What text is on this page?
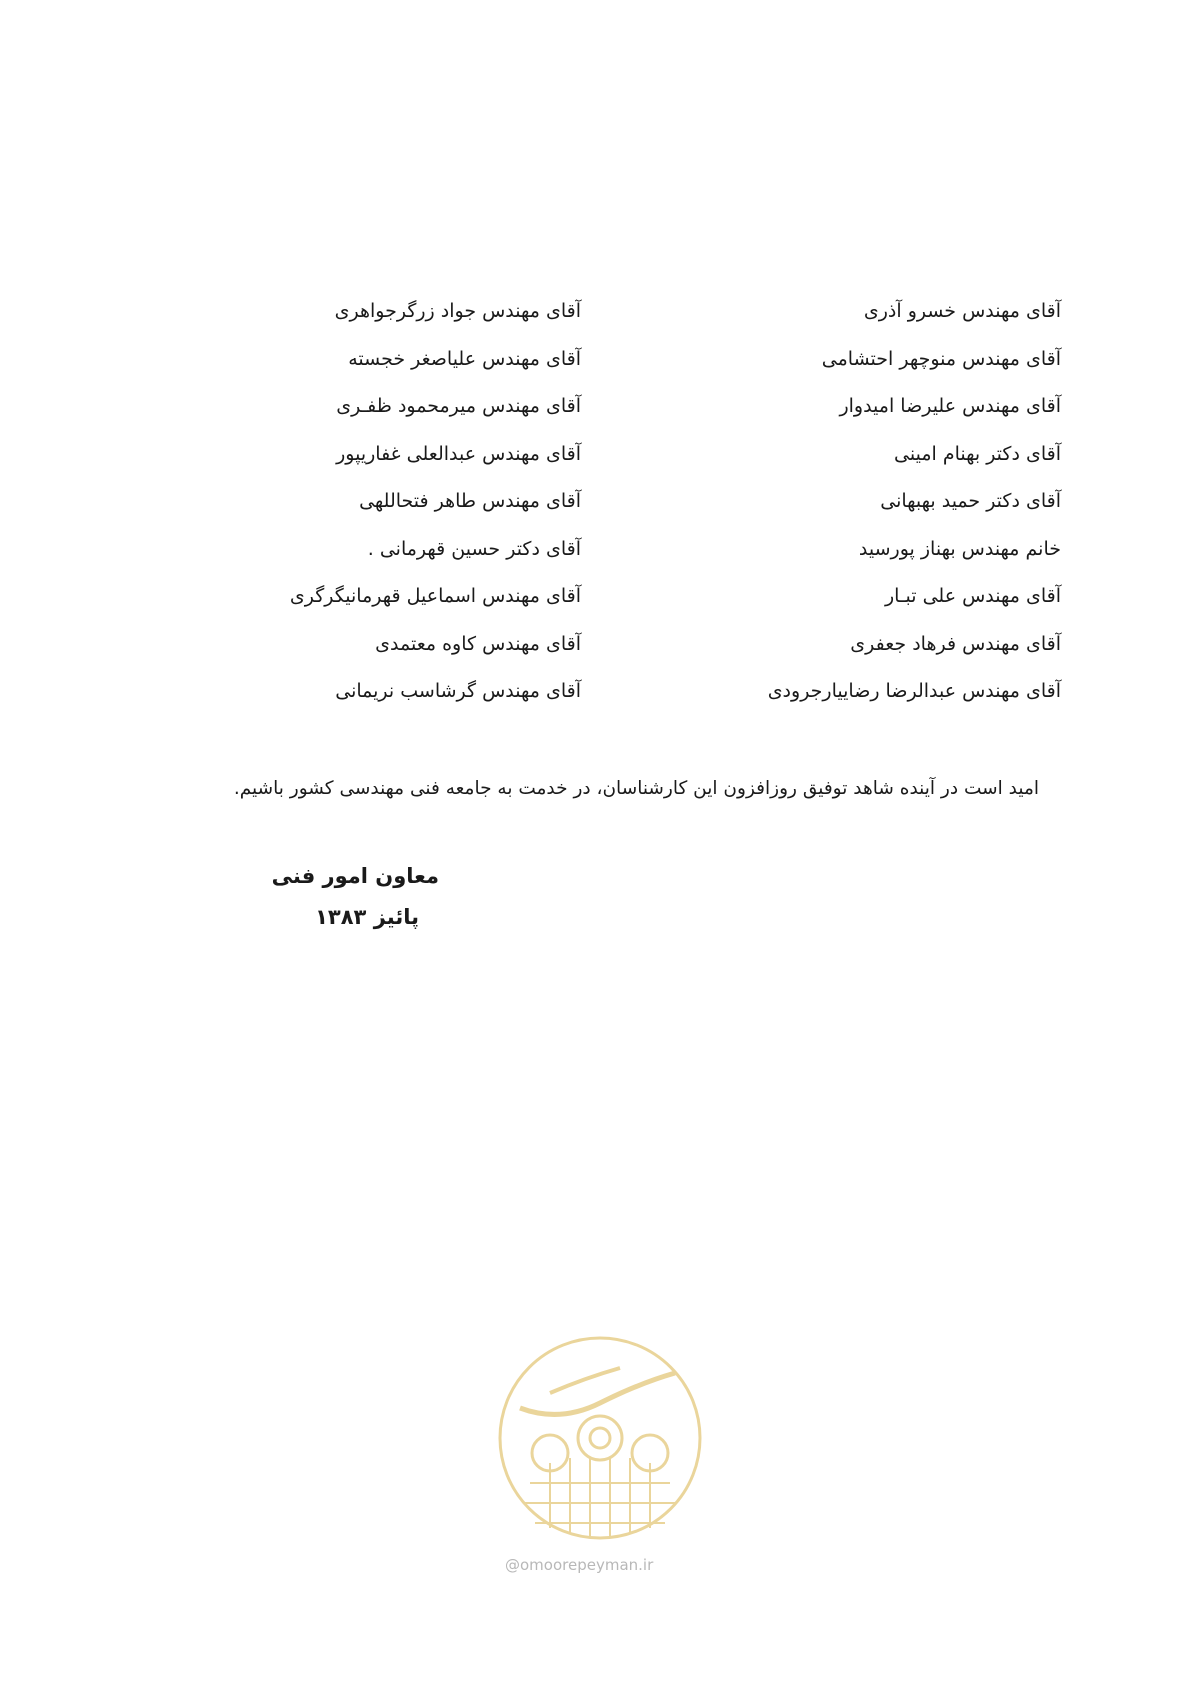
آقای مهندس خسرو آذری
آقای مهندس منوچهر احتشامی
آقای مهندس علیرضا امیدوار
آقای دکتر بهنام امینی
آقای دکتر حمید بهبهانی
خانم مهندس بهناز پورسید
آقای مهندس علی تبـار
آقای مهندس فرهاد جعفری
آقای مهندس عبدالرضا رضاییارجرودی
آقای مهندس جواد زرگرجواهری
آقای مهندس علیاصغر خجسته
آقای مهندس میرمحمود ظفـری
آقای مهندس عبدالعلی غفاریپور
آقای مهندس طاهر فتحاللهی
آقای دکتر حسین قهرمانی .
آقای مهندس اسماعیل قهرمانیگرگری
آقای مهندس کاوه معتمدی
آقای مهندس گرشاسب نریمانی

امید است در آینده شاهد توفیق روزافزون این کارشناسان، در خدمت به جامعه فنی مهندسی کشور باشیم.

معاون امور فنی

پائیز ۱۳۸۳

@omoorepeyman.ir
